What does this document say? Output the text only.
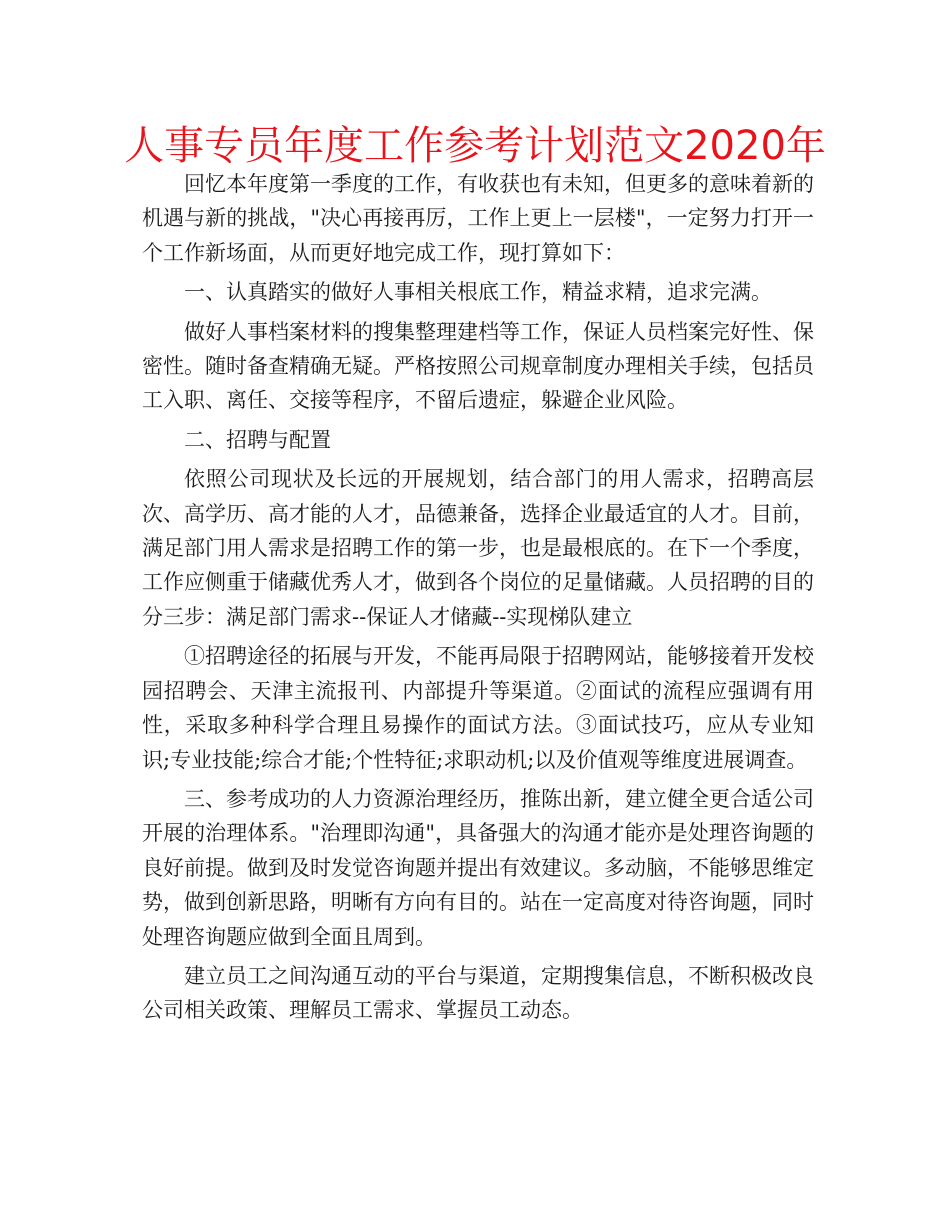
人事专员年度工作参考计划范文2020年

回忆本年度第一季度的工作，有收获也有未知，但更多的意味着新的机遇与新的挑战，"决心再接再厉，工作上更上一层楼"，一定努力打开一个工作新场面，从而更好地完成工作，现打算如下：

一、认真踏实的做好人事相关根底工作，精益求精，追求完满。

做好人事档案材料的搜集整理建档等工作，保证人员档案完好性、保密性。随时备查精确无疑。严格按照公司规章制度办理相关手续，包括员工入职、离任、交接等程序，不留后遗症，躲避企业风险。

二、招聘与配置

依照公司现状及长远的开展规划，结合部门的用人需求，招聘高层次、高学历、高才能的人才，品德兼备，选择企业最适宜的人才。目前，满足部门用人需求是招聘工作的第一步，也是最根底的。在下一个季度，工作应侧重于储藏优秀人才，做到各个岗位的足量储藏。人员招聘的目的分三步：满足部门需求--保证人才储藏--实现梯队建立

①招聘途径的拓展与开发，不能再局限于招聘网站，能够接着开发校园招聘会、天津主流报刊、内部提升等渠道。②面试的流程应强调有用性，采取多种科学合理且易操作的面试方法。③面试技巧，应从专业知识;专业技能;综合才能;个性特征;求职动机;以及价值观等维度进展调查。

三、参考成功的人力资源治理经历，推陈出新，建立健全更合适公司开展的治理体系。"治理即沟通"，具备强大的沟通才能亦是处理咨询题的良好前提。做到及时发觉咨询题并提出有效建议。多动脑，不能够思维定势，做到创新思路，明晰有方向有目的。站在一定高度对待咨询题，同时处理咨询题应做到全面且周到。

建立员工之间沟通互动的平台与渠道，定期搜集信息，不断积极改良公司相关政策、理解员工需求、掌握员工动态。
